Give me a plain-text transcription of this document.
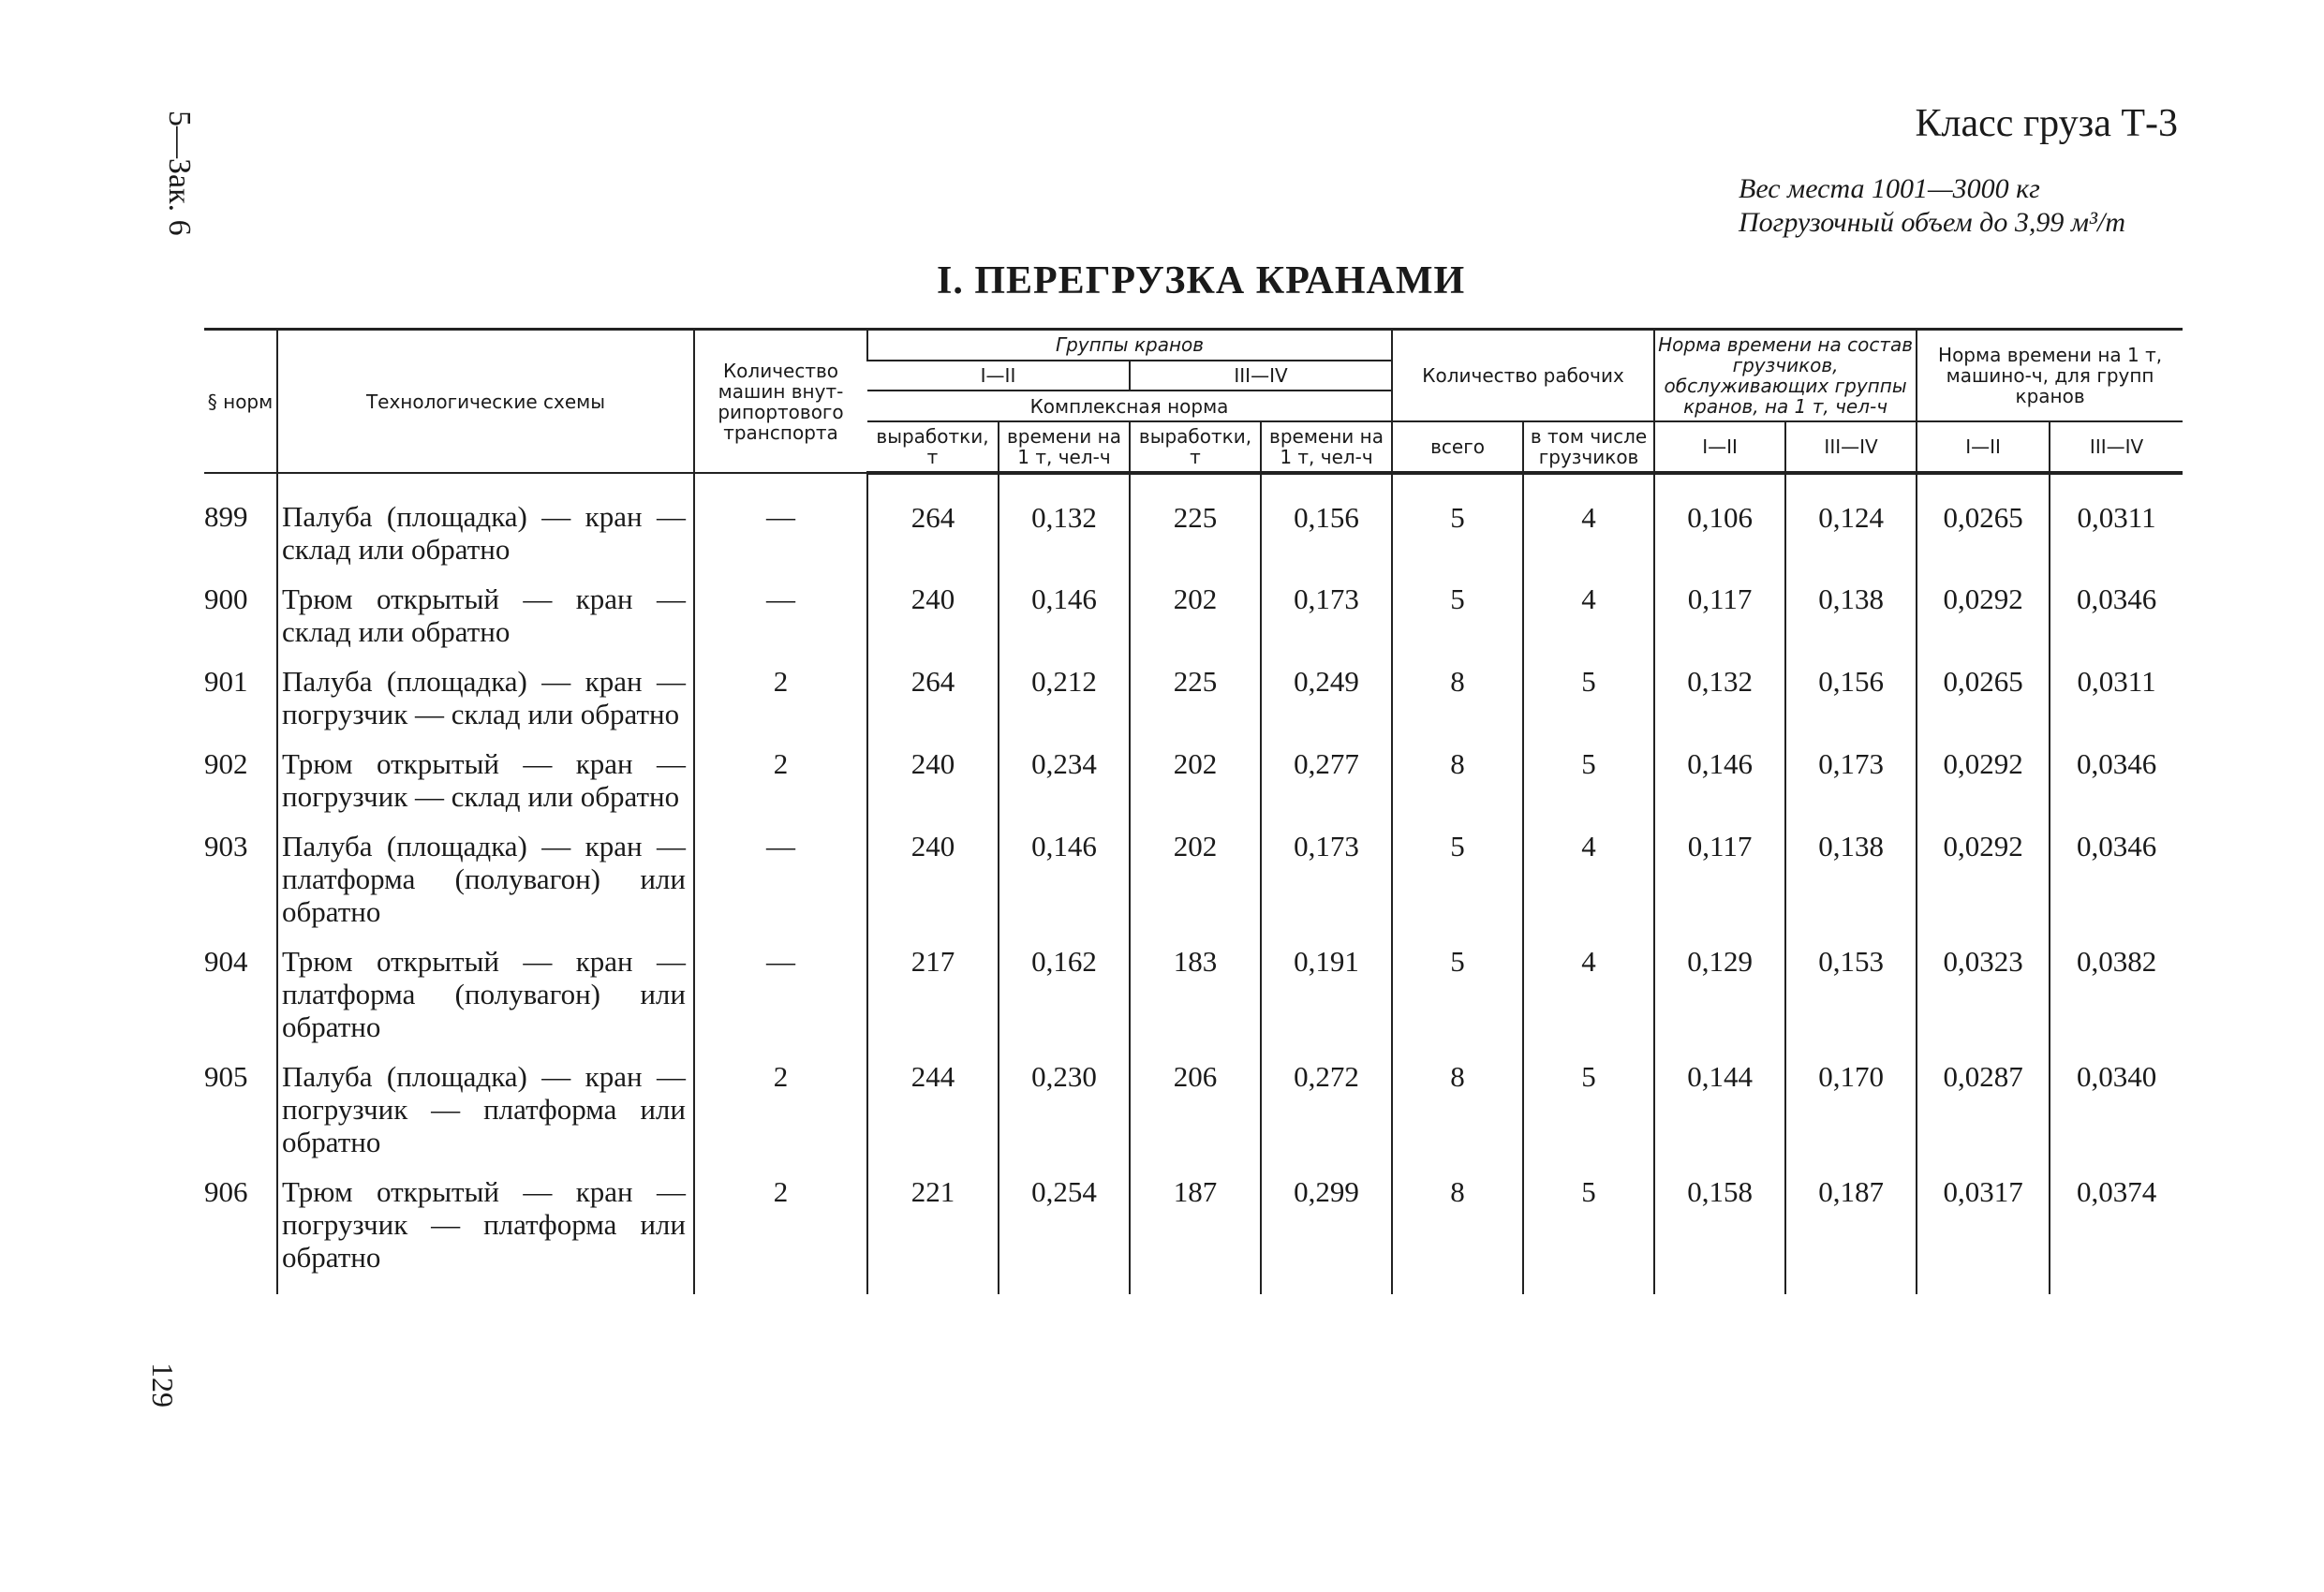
5—Зак. 6
129
Класс груза Т-3
Вес места 1001—3000 кг
Погрузочный объем до 3,99 м³/т
I. ПЕРЕГРУЗКА КРАНАМИ
§ норм	Технологические схемы	Количество машин внут-рипортового транспорта	Группы кранов				Количество рабочих		Норма времени на состав грузчиков, обслуживающих группы кранов, на 1 т, чел-ч		Норма времени на 1 т, машино-ч, для групп кранов	
			I—II		III—IV							
			Комплексная норма									
			выработки, т	времени на 1 т, чел-ч	выработки, т	времени на 1 т, чел-ч	всего	в том числе грузчиков	I—II	III—IV	I—II	III—IV
899	Палуба (площадка) — кран — склад или обратно	—	264	0,132	225	0,156	5	4	0,106	0,124	0,0265	0,0311
900	Трюм открытый — кран — склад или обратно	—	240	0,146	202	0,173	5	4	0,117	0,138	0,0292	0,0346
901	Палуба (площадка) — кран — погрузчик — склад или обратно	2	264	0,212	225	0,249	8	5	0,132	0,156	0,0265	0,0311
902	Трюм открытый — кран — погрузчик — склад или обратно	2	240	0,234	202	0,277	8	5	0,146	0,173	0,0292	0,0346
903	Палуба (площадка) — кран — платформа (полувагон) или обратно	—	240	0,146	202	0,173	5	4	0,117	0,138	0,0292	0,0346
904	Трюм открытый — кран — платформа (полувагон) или обратно	—	217	0,162	183	0,191	5	4	0,129	0,153	0,0323	0,0382
905	Палуба (площадка) — кран — погрузчик — платформа или обратно	2	244	0,230	206	0,272	8	5	0,144	0,170	0,0287	0,0340
906	Трюм открытый — кран — погрузчик — платформа или обратно	2	221	0,254	187	0,299	8	5	0,158	0,187	0,0317	0,0374
